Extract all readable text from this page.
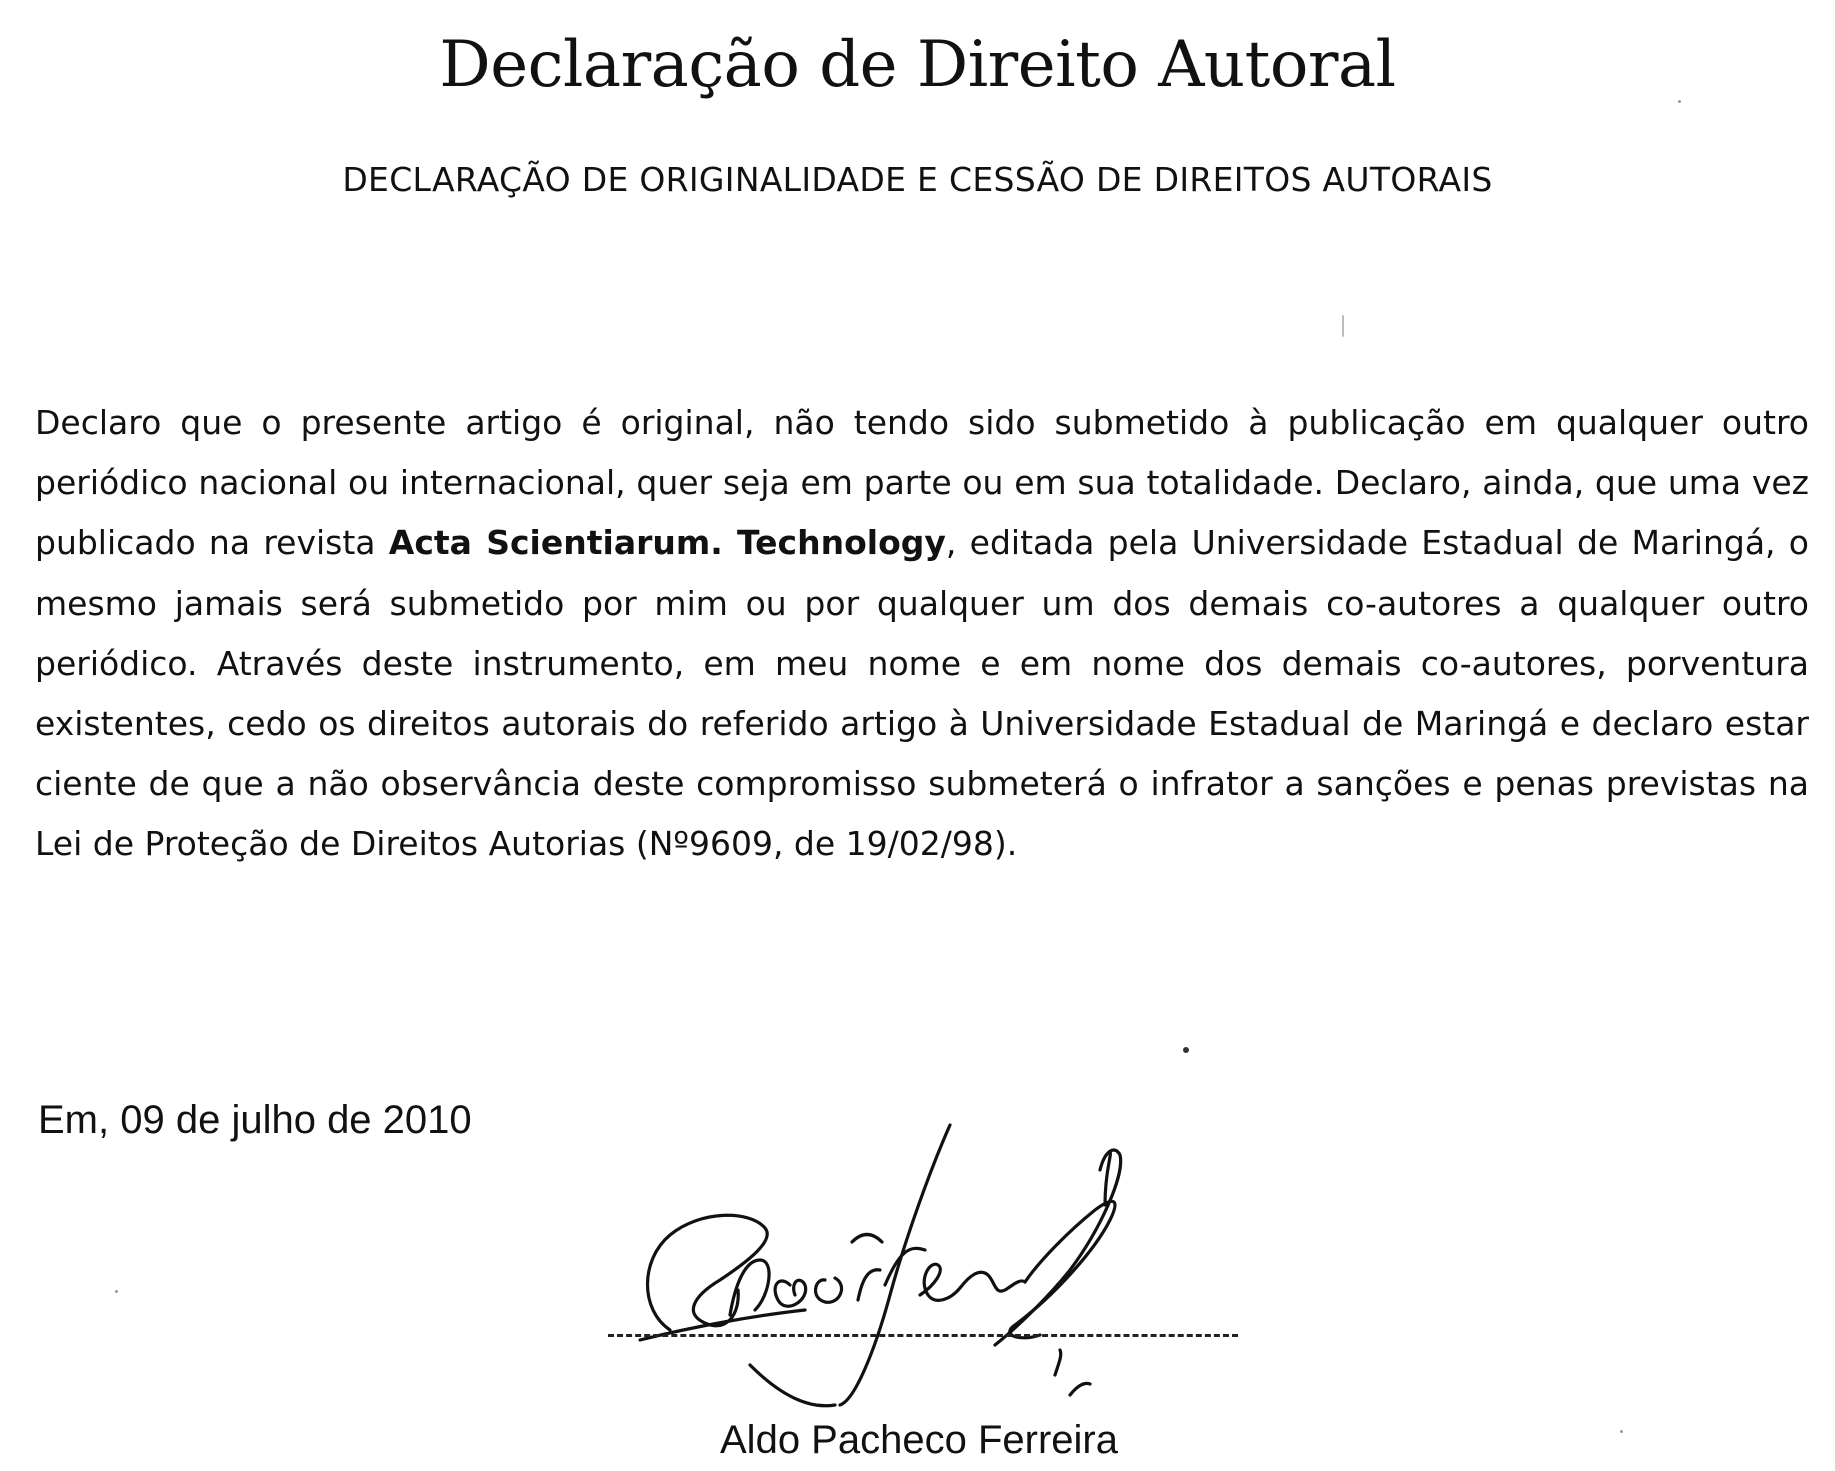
Declaração de Direito Autoral
DECLARAÇÃO DE ORIGINALIDADE E CESSÃO DE DIREITOS AUTORAIS
Declaro que o presente artigo é original, não tendo sido submetido à publicação em qualquer outro periódico nacional ou internacional, quer seja em parte ou em sua totalidade. Declaro, ainda, que uma vez publicado na revista Acta Scientiarum. Technology, editada pela Universidade Estadual de Maringá, o mesmo jamais será submetido por mim ou por qualquer um dos demais co-autores a qualquer outro periódico. Através deste instrumento, em meu nome e em nome dos demais co-autores, porventura existentes, cedo os direitos autorais do referido artigo à Universidade Estadual de Maringá e declaro estar ciente de que a não observância deste compromisso submeterá o infrator a sanções e penas previstas na Lei de Proteção de Direitos Autorias (Nº9609, de 19/02/98).
Em, 09 de julho de 2010
Aldo Pacheco Ferreira
